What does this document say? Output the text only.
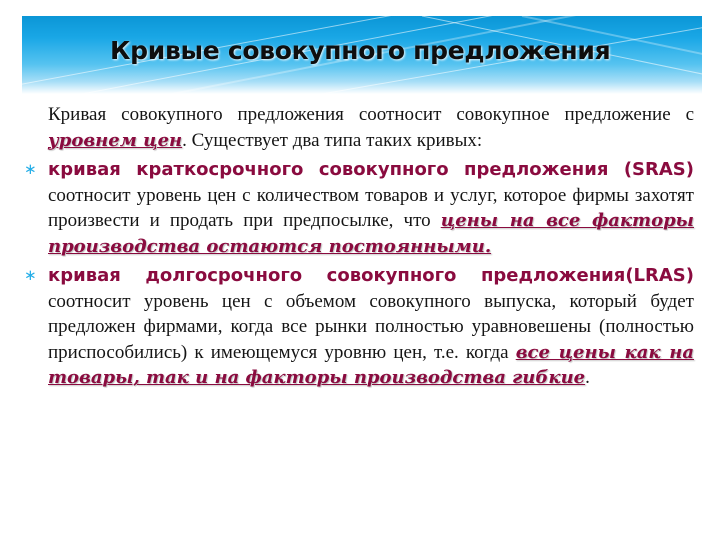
Кривые совокупного предложения

Кривая совокупного предложения соотносит совокупное предложение с уровнем цен. Существует два типа таких кривых:

∗ кривая краткосрочного совокупного предложения (SRAS) соотносит уровень цен с количеством товаров и услуг, которое фирмы захотят произвести и продать при предпосылке, что цены на все факторы производства остаются постоянными.

∗ кривая долгосрочного совокупного предложения(LRAS) соотносит уровень цен с объемом совокупного выпуска, который будет предложен фирмами, когда все рынки полностью уравновешены (полностью приспособились) к имеющемуся уровню цен, т.е. когда все цены как на товары, так и на факторы производства гибкие.
